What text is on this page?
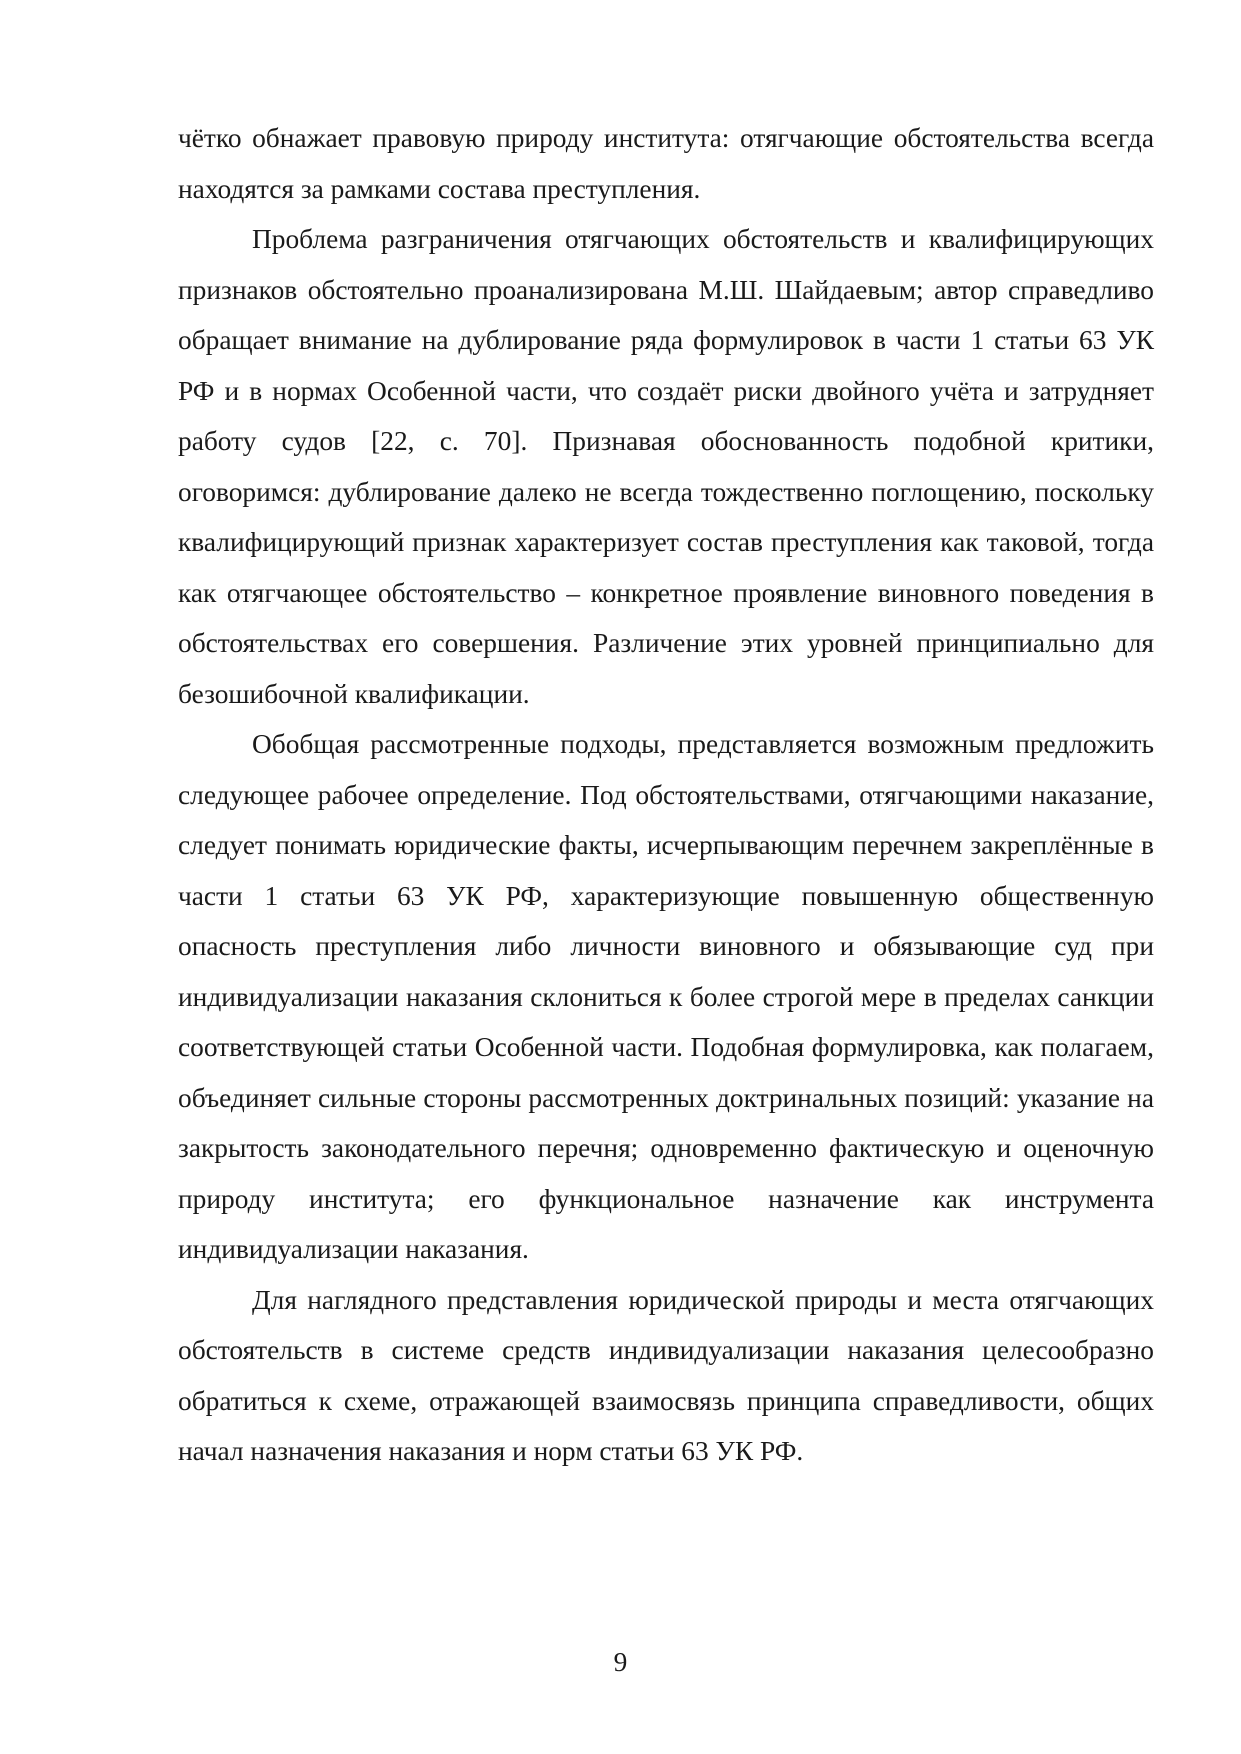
чётко обнажает правовую природу института: отягчающие обстоятельства всегда находятся за рамками состава преступления.

Проблема разграничения отягчающих обстоятельств и квалифицирующих признаков обстоятельно проанализирована М.Ш. Шайдаевым; автор справедливо обращает внимание на дублирование ряда формулировок в части 1 статьи 63 УК РФ и в нормах Особенной части, что создаёт риски двойного учёта и затрудняет работу судов [22, с. 70]. Признавая обоснованность подобной критики, оговоримся: дублирование далеко не всегда тождественно поглощению, поскольку квалифицирующий признак характеризует состав преступления как таковой, тогда как отягчающее обстоятельство – конкретное проявление виновного поведения в обстоятельствах его совершения. Различение этих уровней принципиально для безошибочной квалификации.

Обобщая рассмотренные подходы, представляется возможным предложить следующее рабочее определение. Под обстоятельствами, отягчающими наказание, следует понимать юридические факты, исчерпывающим перечнем закреплённые в части 1 статьи 63 УК РФ, характеризующие повышенную общественную опасность преступления либо личности виновного и обязывающие суд при индивидуализации наказания склониться к более строгой мере в пределах санкции соответствующей статьи Особенной части. Подобная формулировка, как полагаем, объединяет сильные стороны рассмотренных доктринальных позиций: указание на закрытость законодательного перечня; одновременно фактическую и оценочную природу института; его функциональное назначение как инструмента индивидуализации наказания.

Для наглядного представления юридической природы и места отягчающих обстоятельств в системе средств индивидуализации наказания целесообразно обратиться к схеме, отражающей взаимосвязь принципа справедливости, общих начал назначения наказания и норм статьи 63 УК РФ.

9
